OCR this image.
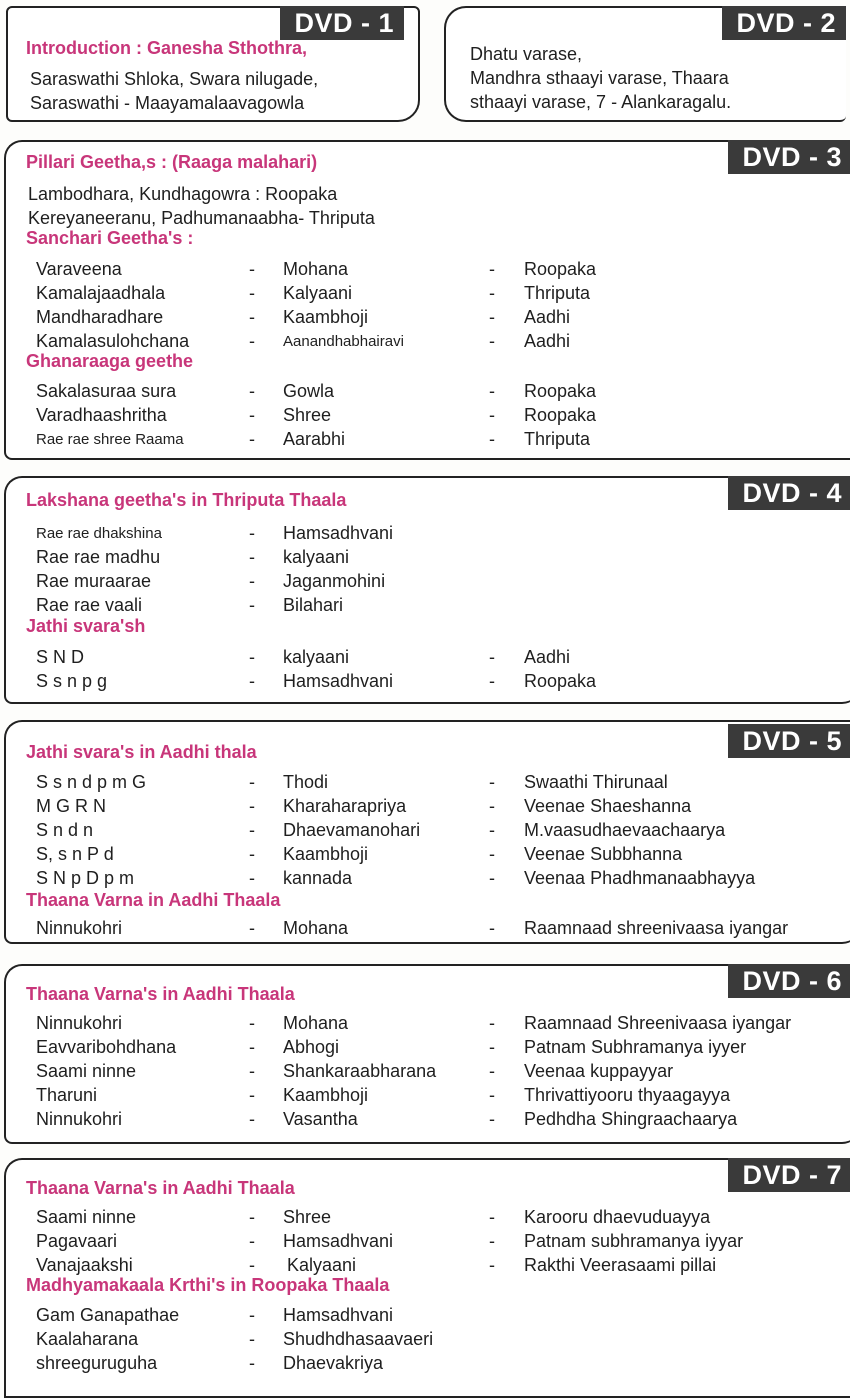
DVD - 1
Introduction : Ganesha Sthothra,
Saraswathi Shloka, Swara nilugade,
Saraswathi - Maayamalaavagowla
DVD - 2
Dhatu varase,
Mandhra sthaayi varase, Thaara
sthaayi varase, 7 - Alankaragalu.
DVD - 3
Pillari Geetha,s : (Raaga malahari)
Lambodhara, Kundhagowra : Roopaka
Kereyaneeranu, Padhumanaabha- Thriputa
Sanchari Geetha's :
Varaveena	- Mohana	- Roopaka
Kamalajaadhala	- Kalyaani	- Thriputa
Mandharadhare	- Kaambhoji	- Aadhi
Kamalasulohchana	- Aanandhabhairavi	- Aadhi
Ghanaraaga geethe
Sakalasuraa sura	- Gowla	- Roopaka
Varadhaashritha	- Shree	- Roopaka
Rae rae shree Raama	- Aarabhi	- Thriputa
DVD - 4
Lakshana geetha's in Thriputa Thaala
Rae rae dhakshina	- Hamsadhvani
Rae rae madhu	- kalyaani
Rae muraarae	- Jaganmohini
Rae rae vaali	- Bilahari
Jathi svara'sh
S N D	- kalyaani	- Aadhi
S s n p g	- Hamsadhvani	- Roopaka
DVD - 5
Jathi svara's in Aadhi thala
S s n d p m G	- Thodi	- Swaathi Thirunaal
M G R N	- Kharaharapriya	- Veenae Shaeshanna
S n d n	- Dhaevamanohari	- M.vaasudhaevaachaarya
S, s n P d	- Kaambhoji	- Veenae Subbhanna
S N p D p m	- kannada	- Veenaa Phadhmanaabhayya
Thaana Varna in Aadhi Thaala
Ninnukohri	- Mohana	- Raamnaad shreenivaasa iyangar
DVD - 6
Thaana Varna's in Aadhi Thaala
Ninnukohri	- Mohana	- Raamnaad Shreenivaasa iyangar
Eavvaribohdhana	- Abhogi	- Patnam Subhramanya iyyer
Saami ninne	- Shankaraabharana	- Veenaa kuppayyar
Tharuni	- Kaambhoji	- Thrivattiyooru thyaagayya
Ninnukohri	- Vasantha	- Pedhdha Shingraachaarya
DVD - 7
Thaana Varna's in Aadhi Thaala
Saami ninne	- Shree	- Karooru dhaevuduayya
Pagavaari	- Hamsadhvani	- Patnam subhramanya iyyar
Vanajaakshi	- Kalyaani	- Rakthi Veerasaami pillai
Madhyamakaala Krthi's in Roopaka Thaala
Gam Ganapathae	- Hamsadhvani
Kaalaharana	- Shudhdhasaavaeri
shreeguruguha	- Dhaevakriya
